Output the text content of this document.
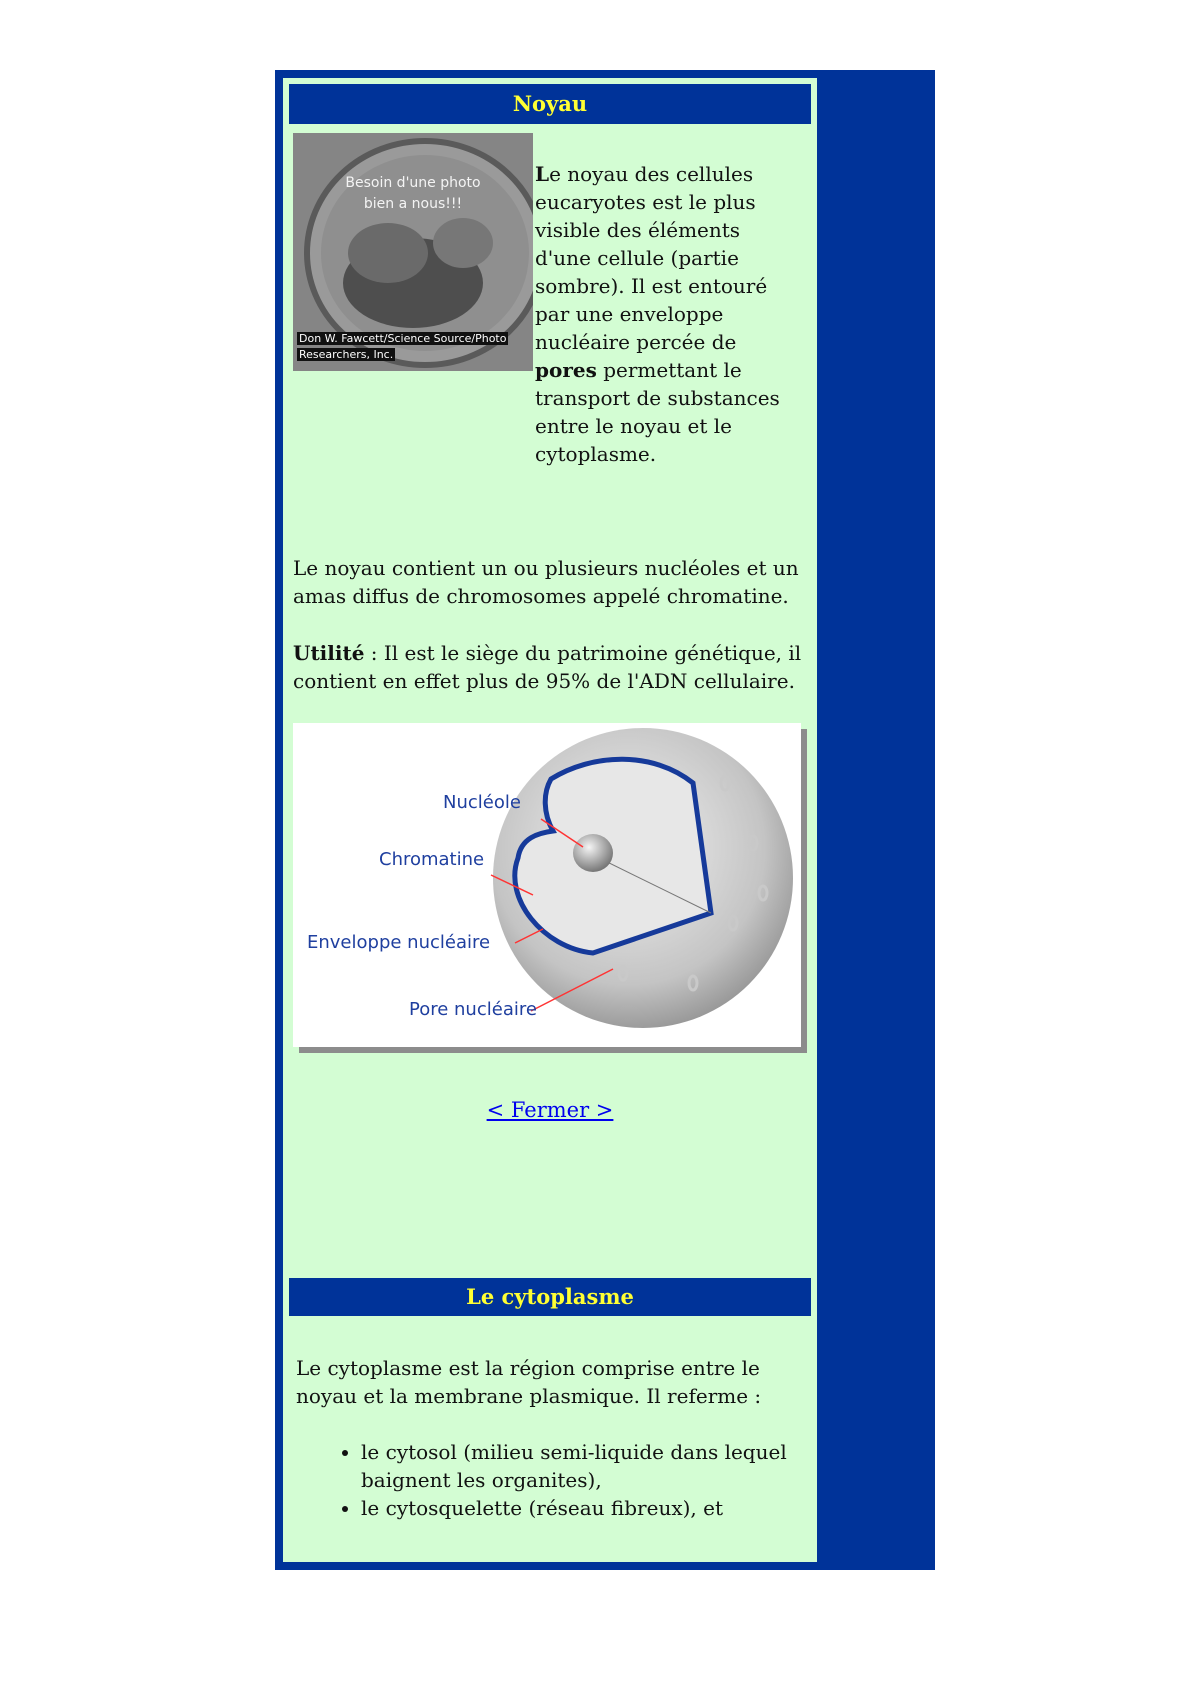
Noyau
Besoin d'une photo
bien a nous!!!
Don W. Fawcett/Science Source/Photo
Researchers, Inc.
Le noyau des cellules eucaryotes est le plus visible des éléments d'une cellule (partie sombre). Il est entouré par une enveloppe nucléaire percée de pores permettant le transport de substances entre le noyau et le cytoplasme.
Le noyau contient un ou plusieurs nucléoles et un amas diffus de chromosomes appelé chromatine.
Utilité : Il est le siège du patrimoine génétique, il contient en effet plus de 95% de l'ADN cellulaire.
Nucléole
Chromatine
Enveloppe nucléaire
Pore nucléaire
< Fermer >
Le cytoplasme
Le cytoplasme est la région comprise entre le noyau et la membrane plasmique. Il referme :
• le cytosol (milieu semi-liquide dans lequel baignent les organites),
• le cytosquelette (réseau fibreux), et
